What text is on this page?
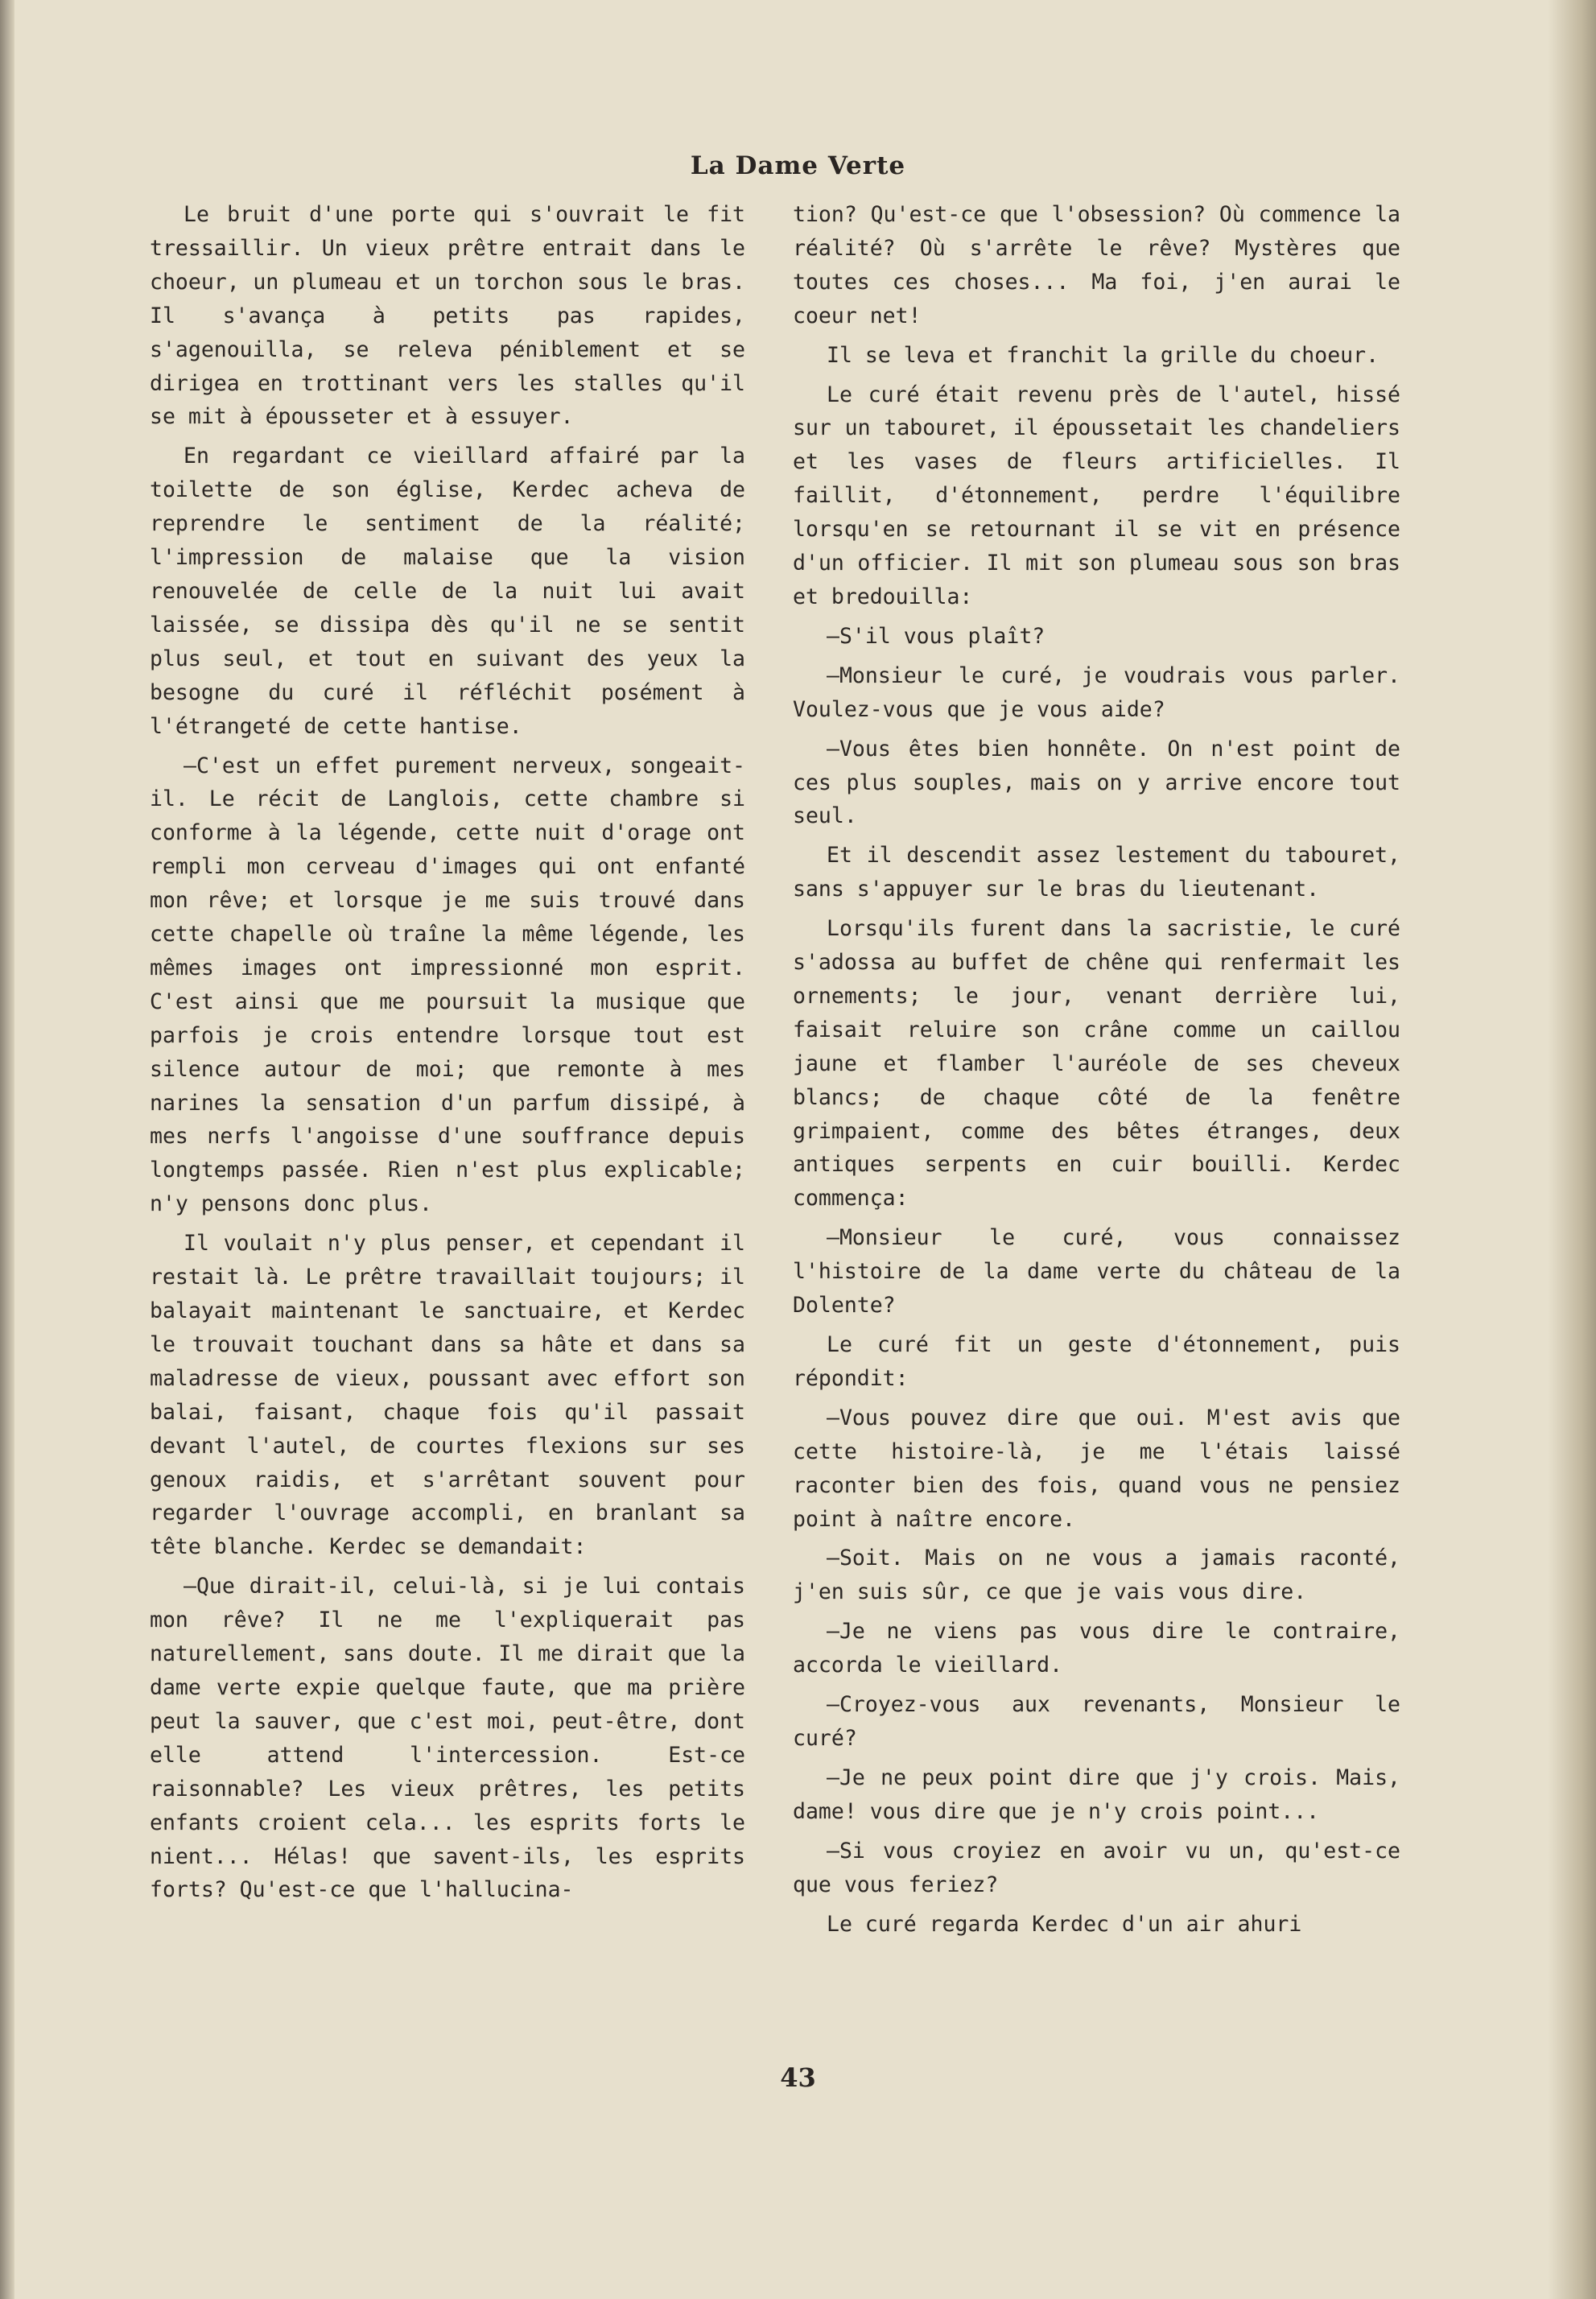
La Dame Verte

Le bruit d'une porte qui s'ouvrait le fit tressaillir. Un vieux prêtre entrait dans le choeur, un plumeau et un torchon sous le bras. Il s'avança à petits pas rapides, s'agenouilla, se releva péniblement et se dirigea en trottinant vers les stalles qu'il se mit à épousseter et à essuyer.

En regardant ce vieillard affairé par la toilette de son église, Kerdec acheva de reprendre le sentiment de la réalité; l'impression de malaise que la vision renouvelée de celle de la nuit lui avait laissée, se dissipa dès qu'il ne se sentit plus seul, et tout en suivant des yeux la besogne du curé il réfléchit posément à l'étrangeté de cette hantise.

—C'est un effet purement nerveux, songeait-il. Le récit de Langlois, cette chambre si conforme à la légende, cette nuit d'orage ont rempli mon cerveau d'images qui ont enfanté mon rêve; et lorsque je me suis trouvé dans cette chapelle où traîne la même légende, les mêmes images ont impressionné mon esprit. C'est ainsi que me poursuit la musique que parfois je crois entendre lorsque tout est silence autour de moi; que remonte à mes narines la sensation d'un parfum dissipé, à mes nerfs l'angoisse d'une souffrance depuis longtemps passée. Rien n'est plus explicable; n'y pensons donc plus.

Il voulait n'y plus penser, et cependant il restait là. Le prêtre travaillait toujours; il balayait maintenant le sanctuaire, et Kerdec le trouvait touchant dans sa hâte et dans sa maladresse de vieux, poussant avec effort son balai, faisant, chaque fois qu'il passait devant l'autel, de courtes flexions sur ses genoux raidis, et s'arrêtant souvent pour regarder l'ouvrage accompli, en branlant sa tête blanche. Kerdec se demandait:

—Que dirait-il, celui-là, si je lui contais mon rêve? Il ne me l'expliquerait pas naturellement, sans doute. Il me dirait que la dame verte expie quelque faute, que ma prière peut la sauver, que c'est moi, peut-être, dont elle attend l'intercession. Est-ce raisonnable? Les vieux prêtres, les petits enfants croient cela... les esprits forts le nient... Hélas! que savent-ils, les esprits forts? Qu'est-ce que l'hallucina-

tion? Qu'est-ce que l'obsession? Où commence la réalité? Où s'arrête le rêve? Mystères que toutes ces choses... Ma foi, j'en aurai le coeur net!

Il se leva et franchit la grille du choeur.

Le curé était revenu près de l'autel, hissé sur un tabouret, il époussetait les chandeliers et les vases de fleurs artificielles. Il faillit, d'étonnement, perdre l'équilibre lorsqu'en se retournant il se vit en présence d'un officier. Il mit son plumeau sous son bras et bredouilla:

—S'il vous plaît?

—Monsieur le curé, je voudrais vous parler. Voulez-vous que je vous aide?

—Vous êtes bien honnête. On n'est point de ces plus souples, mais on y arrive encore tout seul.

Et il descendit assez lestement du tabouret, sans s'appuyer sur le bras du lieutenant.

Lorsqu'ils furent dans la sacristie, le curé s'adossa au buffet de chêne qui renfermait les ornements; le jour, venant derrière lui, faisait reluire son crâne comme un caillou jaune et flamber l'auréole de ses cheveux blancs; de chaque côté de la fenêtre grimpaient, comme des bêtes étranges, deux antiques serpents en cuir bouilli. Kerdec commença:

—Monsieur le curé, vous connaissez l'histoire de la dame verte du château de la Dolente?

Le curé fit un geste d'étonnement, puis répondit:

—Vous pouvez dire que oui. M'est avis que cette histoire-là, je me l'étais laissé raconter bien des fois, quand vous ne pensiez point à naître encore.

—Soit. Mais on ne vous a jamais raconté, j'en suis sûr, ce que je vais vous dire.

—Je ne viens pas vous dire le contraire, accorda le vieillard.

—Croyez-vous aux revenants, Monsieur le curé?

—Je ne peux point dire que j'y crois. Mais, dame! vous dire que je n'y crois point...

—Si vous croyiez en avoir vu un, qu'est-ce que vous feriez?

Le curé regarda Kerdec d'un air ahuri

43
